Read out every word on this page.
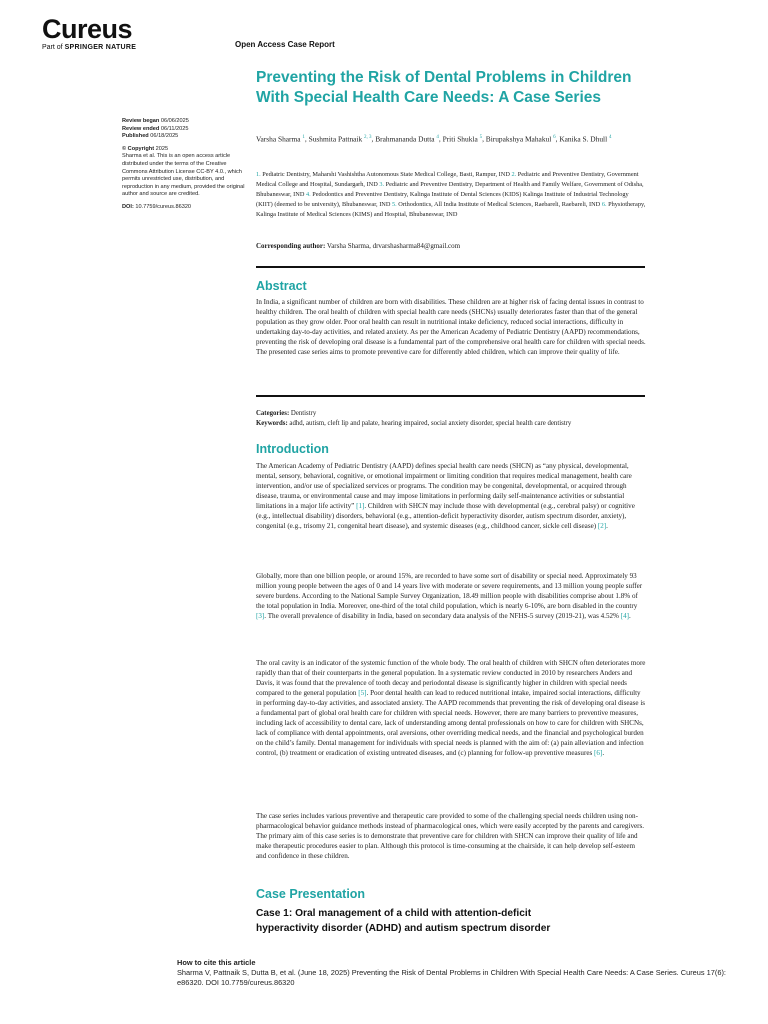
Cureus
Part of SPRINGER NATURE	Open Access Case Report
Preventing the Risk of Dental Problems in Children With Special Health Care Needs: A Case Series
Review began 06/06/2025
Review ended 06/11/2025
Published 06/18/2025
© Copyright 2025
Sharma et al. This is an open access article distributed under the terms of the Creative Commons Attribution License CC-BY 4.0., which permits unrestricted use, distribution, and reproduction in any medium, provided the original author and source are credited.
DOI: 10.7759/cureus.86320

Varsha Sharma $^1$, Sushmita Pattnaik $^{2, 3}$, Brahmananda Dutta $^4$, Priti Shukla $^5$, Birupakshya Mahakul $^6$, Kanika S. Dhull $^4$

1. Pediatric Dentistry, Maharshi Vashishtha Autonomous State Medical College, Basti, Rampur, IND 2. Pediatric and Preventive Dentistry, Government Medical College and Hospital, Sundargarh, IND 3. Pediatric and Preventive Dentistry, Department of Health and Family Welfare, Government of Odisha, Bhubaneswar, IND 4. Pedodontics and Preventive Dentistry, Kalinga Institute of Dental Sciences (KIDS) Kalinga Institute of Industrial Technology (KIIT) (deemed to be university), Bhubaneswar, IND 5. Orthodontics, All India Institute of Medical Sciences, Raebareli, Raebareli, IND 6. Physiotherapy, Kalinga Institute of Medical Sciences (KIMS) and Hospital, Bhubaneswar, IND

Corresponding author: Varsha Sharma, drvarshasharma84@gmail.com

Abstract

In India, a significant number of children are born with disabilities. These children are at higher risk of facing dental issues in contrast to healthy children. The oral health of children with special health care needs (SHCNs) usually deteriorates faster than that of the general population as they grow older. Poor oral health can result in nutritional intake deficiency, reduced social interactions, difficulty in undertaking day-to-day activities, and related anxiety. As per the American Academy of Pediatric Dentistry (AAPD) recommendations, preventing the risk of developing oral disease is a fundamental part of the comprehensive oral health care for children with special needs. The presented case series aims to promote preventive care for differently abled children, which can improve their quality of life.

Categories: Dentistry
Keywords: adhd, autism, cleft lip and palate, hearing impaired, social anxiety disorder, special health care dentistry
Introduction

The American Academy of Pediatric Dentistry (AAPD) defines special health care needs (SHCN) as “any physical, developmental, mental, sensory, behavioral, cognitive, or emotional impairment or limiting condition that requires medical management, health care intervention, and/or use of specialized services or programs. The condition may be congenital, developmental, or acquired through disease, trauma, or environmental cause and may impose limitations in performing daily self-maintenance activities or substantial limitations in a major life activity” [1]. Children with SHCN may include those with developmental (e.g., cerebral palsy) or cognitive (e.g., intellectual disability) disorders, behavioral (e.g., attention-deficit hyperactivity disorder, autism spectrum disorder, anxiety), congenital (e.g., trisomy 21, congenital heart disease), and systemic diseases (e.g., childhood cancer, sickle cell disease) [2].

Globally, more than one billion people, or around 15%, are recorded to have some sort of disability or special need. Approximately 93 million young people between the ages of 0 and 14 years live with moderate or severe requirements, and 13 million young people suffer severe burdens. According to the National Sample Survey Organization, 18.49 million people with disabilities comprise about 1.8% of the total population in India. Moreover, one-third of the total child population, which is nearly 6-10%, are born disabled in the country [3]. The overall prevalence of disability in India, based on secondary data analysis of the NFHS-5 survey (2019-21), was 4.52% [4].

The oral cavity is an indicator of the systemic function of the whole body. The oral health of children with SHCN often deteriorates more rapidly than that of their counterparts in the general population. In a systematic review conducted in 2010 by researchers Anders and Davis, it was found that the prevalence of tooth decay and periodontal disease is significantly higher in children with special needs compared to the general population [5]. Poor dental health can lead to reduced nutritional intake, impaired social interactions, difficulty in performing day-to-day activities, and associated anxiety. The AAPD recommends that preventing the risk of developing oral disease is a fundamental part of global oral health care for children with special needs. However, there are many barriers to preventive measures, including lack of accessibility to dental care, lack of understanding among dental professionals on how to care for children with SHCNs, lack of compliance with dental appointments, oral aversions, other overriding medical needs, and the financial and psychological burden on the child’s family. Dental management for individuals with special needs is planned with the aim of: (a) pain alleviation and infection control, (b) treatment or eradication of existing untreated diseases, and (c) planning for follow-up preventive measures [6].

The case series includes various preventive and therapeutic care provided to some of the challenging special needs children using non-pharmacological behavior guidance methods instead of pharmacological ones, which were easily accepted by the parents and caregivers. The primary aim of this case series is to demonstrate that preventive care for children with SHCN can improve their quality of life and make therapeutic procedures easier to plan. Although this protocol is time-consuming at the chairside, it can help develop self-esteem and confidence in these children.

Case Presentation
Case 1: Oral management of a child with attention-deficit hyperactivity disorder (ADHD) and autism spectrum disorder
How to cite this article
Sharma V, Pattnaik S, Dutta B, et al. (June 18, 2025) Preventing the Risk of Dental Problems in Children With Special Health Care Needs: A Case Series. Cureus 17(6): e86320. DOI 10.7759/cureus.86320
